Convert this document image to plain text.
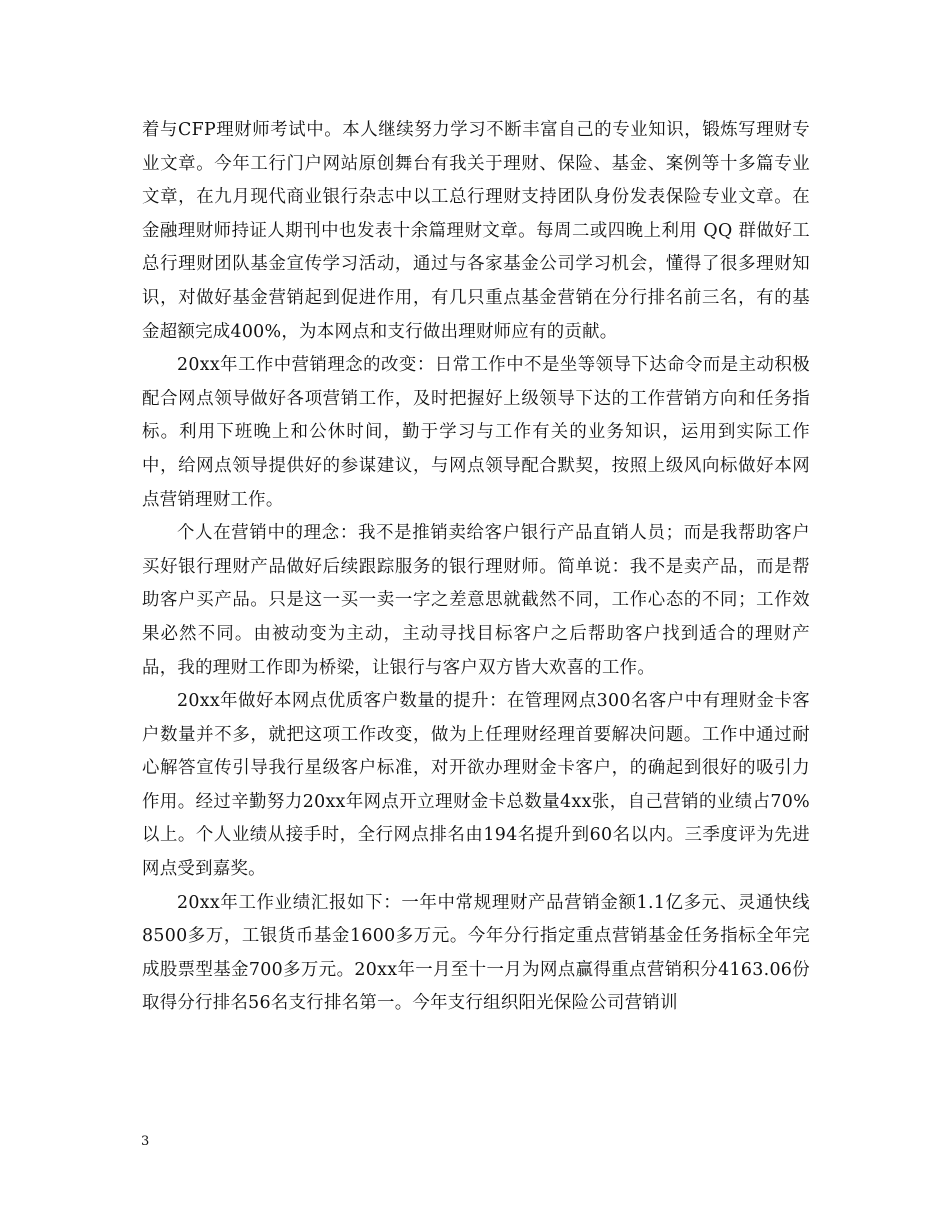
着与CFP理财师考试中。本人继续努力学习不断丰富自己的专业知识，锻炼写理财专业文章。今年工行门户网站原创舞台有我关于理财、保险、基金、案例等十多篇专业文章，在九月现代商业银行杂志中以工总行理财支持团队身份发表保险专业文章。在金融理财师持证人期刊中也发表十余篇理财文章。每周二或四晚上利用 QQ 群做好工总行理财团队基金宣传学习活动，通过与各家基金公司学习机会，懂得了很多理财知识，对做好基金营销起到促进作用，有几只重点基金营销在分行排名前三名，有的基金超额完成400%，为本网点和支行做出理财师应有的贡献。

20xx年工作中营销理念的改变：日常工作中不是坐等领导下达命令而是主动积极配合网点领导做好各项营销工作，及时把握好上级领导下达的工作营销方向和任务指标。利用下班晚上和公休时间，勤于学习与工作有关的业务知识，运用到实际工作中，给网点领导提供好的参谋建议，与网点领导配合默契，按照上级风向标做好本网点营销理财工作。

个人在营销中的理念：我不是推销卖给客户银行产品直销人员；而是我帮助客户买好银行理财产品做好后续跟踪服务的银行理财师。简单说：我不是卖产品，而是帮助客户买产品。只是这一买一卖一字之差意思就截然不同，工作心态的不同；工作效果必然不同。由被动变为主动，主动寻找目标客户之后帮助客户找到适合的理财产品，我的理财工作即为桥梁，让银行与客户双方皆大欢喜的工作。

20xx年做好本网点优质客户数量的提升：在管理网点300名客户中有理财金卡客户数量并不多，就把这项工作改变，做为上任理财经理首要解决问题。工作中通过耐心解答宣传引导我行星级客户标准，对开欲办理财金卡客户，的确起到很好的吸引力作用。经过辛勤努力20xx年网点开立理财金卡总数量4xx张，自己营销的业绩占70%以上。个人业绩从接手时，全行网点排名由194名提升到60名以内。三季度评为先进网点受到嘉奖。

20xx年工作业绩汇报如下：一年中常规理财产品营销金额1.1亿多元、灵通快线8500多万，工银货币基金1600多万元。今年分行指定重点营销基金任务指标全年完成股票型基金700多万元。20xx年一月至十一月为网点赢得重点营销积分4163.06份取得分行排名56名支行排名第一。今年支行组织阳光保险公司营销训

3
